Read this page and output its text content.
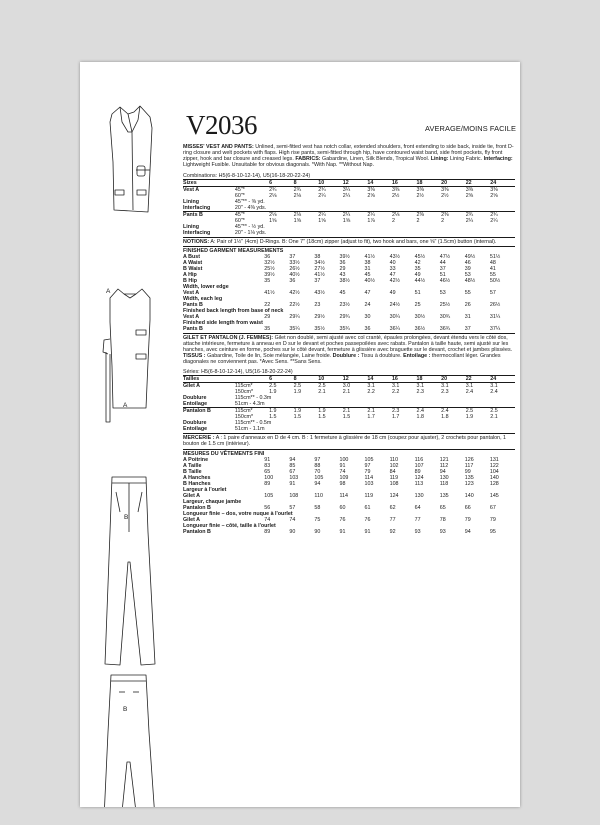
A
A
B
B
V2036	AVERAGE/MOINS FACILE

MISSES' VEST AND PANTS: Unlined, semi-fitted vest has notch collar, extended shoulders, front extending to side back, inside tie, front D-ring closure and welt pockets with flaps. High rise pants, semi-fitted through hip, have contoured waist band, side front pockets, fly front zipper, hook and bar closure and creased legs. FABRICS: Gabardine, Linen, Silk Blends, Tropical Wool. Lining: Lining Fabric. Interfacing: Lightweight Fusible. Unsuitable for obvious diagonals. *With Nap. **Without Nap.

Combinations: H5(6-8-10-12-14), U5(16-18-20-22-24)
Sizes		6	8	10	12	14	16	18	20	22	24
Vest A	45"*	2¾	2¾	2¾	3¼	3⅜	3⅜	3⅜	3⅜	3⅜	3⅜
	60"*	2⅛	2⅛	2¼	2¼	2⅝	2½	2½	2½	2⅝	2⅝
Lining	45"** - ⅜ yd.										
Interfacing	20" - 4⅜ yds.										
Pants B	45"*	2⅛	2⅛	2¼	2¼	2¼	2⅛	2⅜	2⅜	2¾	2¾
	60"*	1⅝	1⅝	1⅝	1⅝	1⅞	2	2	2	2¼	2¼
Lining	45"** - ½ yd.										
Interfacing	20" - 1⅛ yds.										

NOTIONS: A: Pair of 1½" (4cm) D-Rings. B: One 7" (18cm) zipper (adjust to fit), two hook and bars, one ⅝" (1.5cm) button (internal).

FINISHED GARMENT MEASUREMENTS
A Bust	36	37	38	39½	41½	43½	45½	47½	49½	51½
A Waist	32½	33½	34½	36	38	40	42	44	46	48
B Waist	25½	26½	27½	29	31	33	35	37	39	41
A Hip	39½	40½	41½	43	45	47	49	51	53	55
B Hip	35	36	37	38½	40½	42½	44½	46½	48½	50½
Width, lower edge										
Vest A	41½	42½	43½	45	47	49	51	53	55	57
Width, each leg										
Pants B	22	22½	23	23½	24	24½	25	25½	26	26½
Finished back length from base of neck										
Vest A	29	29¼	29½	29¾	30	30¼	30½	30¾	31	31¼
Finished side length from waist										
Pants B	35	35¼	35½	35¾	36	36¼	36½	36¾	37	37¼

GILET ET PANTALON (J. FEMMES): Gilet non doublé, semi ajusté avec col cranté, épaules prolongées, devant étendu vers le côté dos, attache intérieure, fermeture à anneau en D sur le devant et poches passepoilées avec rabats. Pantalon à taille haute, semi ajusté sur les hanches, avec ceinture en forme, poches sur le côté devant, fermeture à glissière avec braguette sur le devant, crochet et jambes plissées. TISSUS : Gabardine, Toile de lin, Soie mélangée, Laine froide. Doublure : Tissu à doublure. Entoilage : thermocollant léger. Grandes diagonales ne conviennent pas. *Avec Sens. **Sans Sens.

Séries: H5(6-8-10-12-14), U5(16-18-20-22-24)
Tailles		6	8	10	12	14	16	18	20	22	24
Gilet A	115cm*	2.5	2.5	2.5	3.0	3.1	3.1	3.1	3.1	3.1	3.1
	150cm*	1.9	1.9	2.1	2.1	2.2	2.2	2.3	2.3	2.4	2.4
Doublure	115cm** - 0.3m										
Entoilage	51cm - 4.3m										
Pantalon B	115cm*	1.9	1.9	1.9	2.1	2.1	2.3	2.4	2.4	2.5	2.5
	150cm*	1.5	1.5	1.5	1.5	1.7	1.7	1.8	1.8	1.9	2.1
Doublure	115cm** - 0.5m										
Entoilage	51cm - 1.1m										

MERCERIE : A : 1 paire d'anneaux en D de 4 cm. B : 1 fermeture à glissière de 18 cm (coupez pour ajuster), 2 crochets pour pantalon, 1 bouton de 1.5 cm (intérieur).

MESURES DU VÊTEMENTS FINI
A Poitrine	91	94	97	100	105	110	116	121	126	131
A Taille	83	85	88	91	97	102	107	112	117	122
B Taille	65	67	70	74	79	84	89	94	99	104
A Hanches	100	103	105	109	114	119	124	130	135	140
B Hanches	89	91	94	98	103	108	113	118	123	128
Largeur à l'ourlet										
Gilet A	105	108	110	114	119	124	130	135	140	145
Largeur, chaque jambe										
Pantalon B	56	57	58	60	61	62	64	65	66	67
Longueur finie – dos, votre nuque à l'ourlet										
Gilet A	74	74	75	76	76	77	77	78	79	79
Longueur finie – côté, taille à l'ourlet										
Pantalon B	89	90	90	91	91	92	93	93	94	95
